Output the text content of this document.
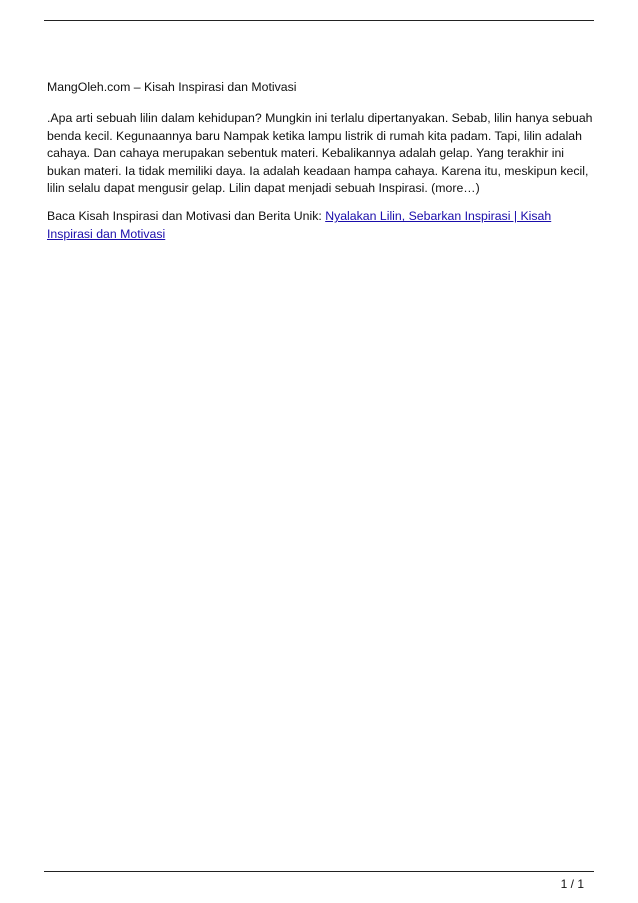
MangOleh.com – Kisah Inspirasi dan Motivasi

.Apa arti sebuah lilin dalam kehidupan? Mungkin ini terlalu dipertanyakan. Sebab, lilin hanya sebuah benda kecil. Kegunaannya baru Nampak ketika lampu listrik di rumah kita padam. Tapi, lilin adalah cahaya. Dan cahaya merupakan sebentuk materi. Kebalikannya adalah gelap. Yang terakhir ini bukan materi. Ia tidak memiliki daya. Ia adalah keadaan hampa cahaya. Karena itu, meskipun kecil, lilin selalu dapat mengusir gelap. Lilin dapat menjadi sebuah Inspirasi. (more…)

Baca Kisah Inspirasi dan Motivasi dan Berita Unik: Nyalakan Lilin, Sebarkan Inspirasi | Kisah Inspirasi dan Motivasi

1 / 1
